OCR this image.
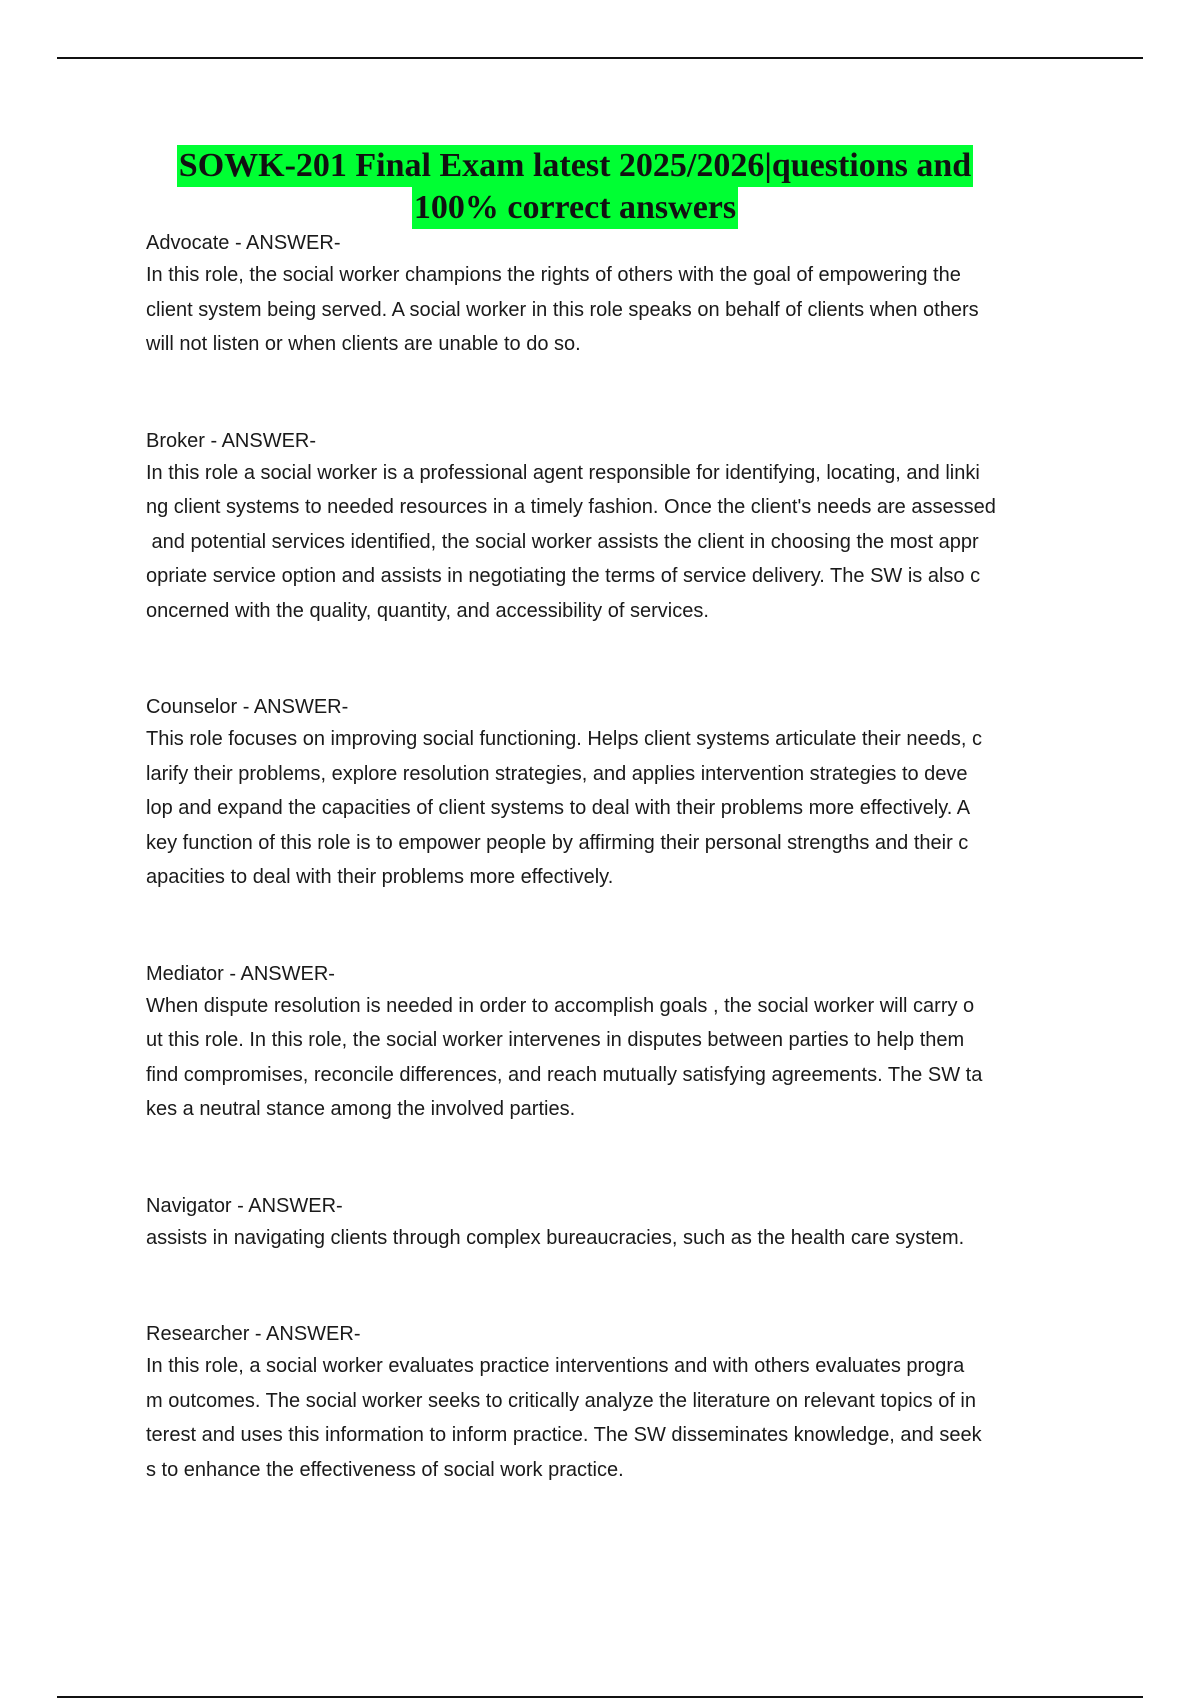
SOWK-201 Final Exam latest 2025/2026|questions and
100% correct answers

Advocate - ANSWER-

In this role, the social worker champions the rights of others with the goal of empowering the
client system being served. A social worker in this role speaks on behalf of clients when others
will not listen or when clients are unable to do so.

Broker - ANSWER-

In this role a social worker is a professional agent responsible for identifying, locating, and linki
ng client systems to needed resources in a timely fashion. Once the client's needs are assessed
and potential services identified, the social worker assists the client in choosing the most appr
opriate service option and assists in negotiating the terms of service delivery. The SW is also c
oncerned with the quality, quantity, and accessibility of services.

Counselor - ANSWER-

This role focuses on improving social functioning. Helps client systems articulate their needs, c
larify their problems, explore resolution strategies, and applies intervention strategies to deve
lop and expand the capacities of client systems to deal with their problems more effectively. A
key function of this role is to empower people by affirming their personal strengths and their c
apacities to deal with their problems more effectively.

Mediator - ANSWER-

When dispute resolution is needed in order to accomplish goals , the social worker will carry o
ut this role. In this role, the social worker intervenes in disputes between parties to help them
find compromises, reconcile differences, and reach mutually satisfying agreements. The SW ta
kes a neutral stance among the involved parties.

Navigator - ANSWER-

assists in navigating clients through complex bureaucracies, such as the health care system.

Researcher - ANSWER-

In this role, a social worker evaluates practice interventions and with others evaluates progra
m outcomes. The social worker seeks to critically analyze the literature on relevant topics of in
terest and uses this information to inform practice. The SW disseminates knowledge, and seek
s to enhance the effectiveness of social work practice.
